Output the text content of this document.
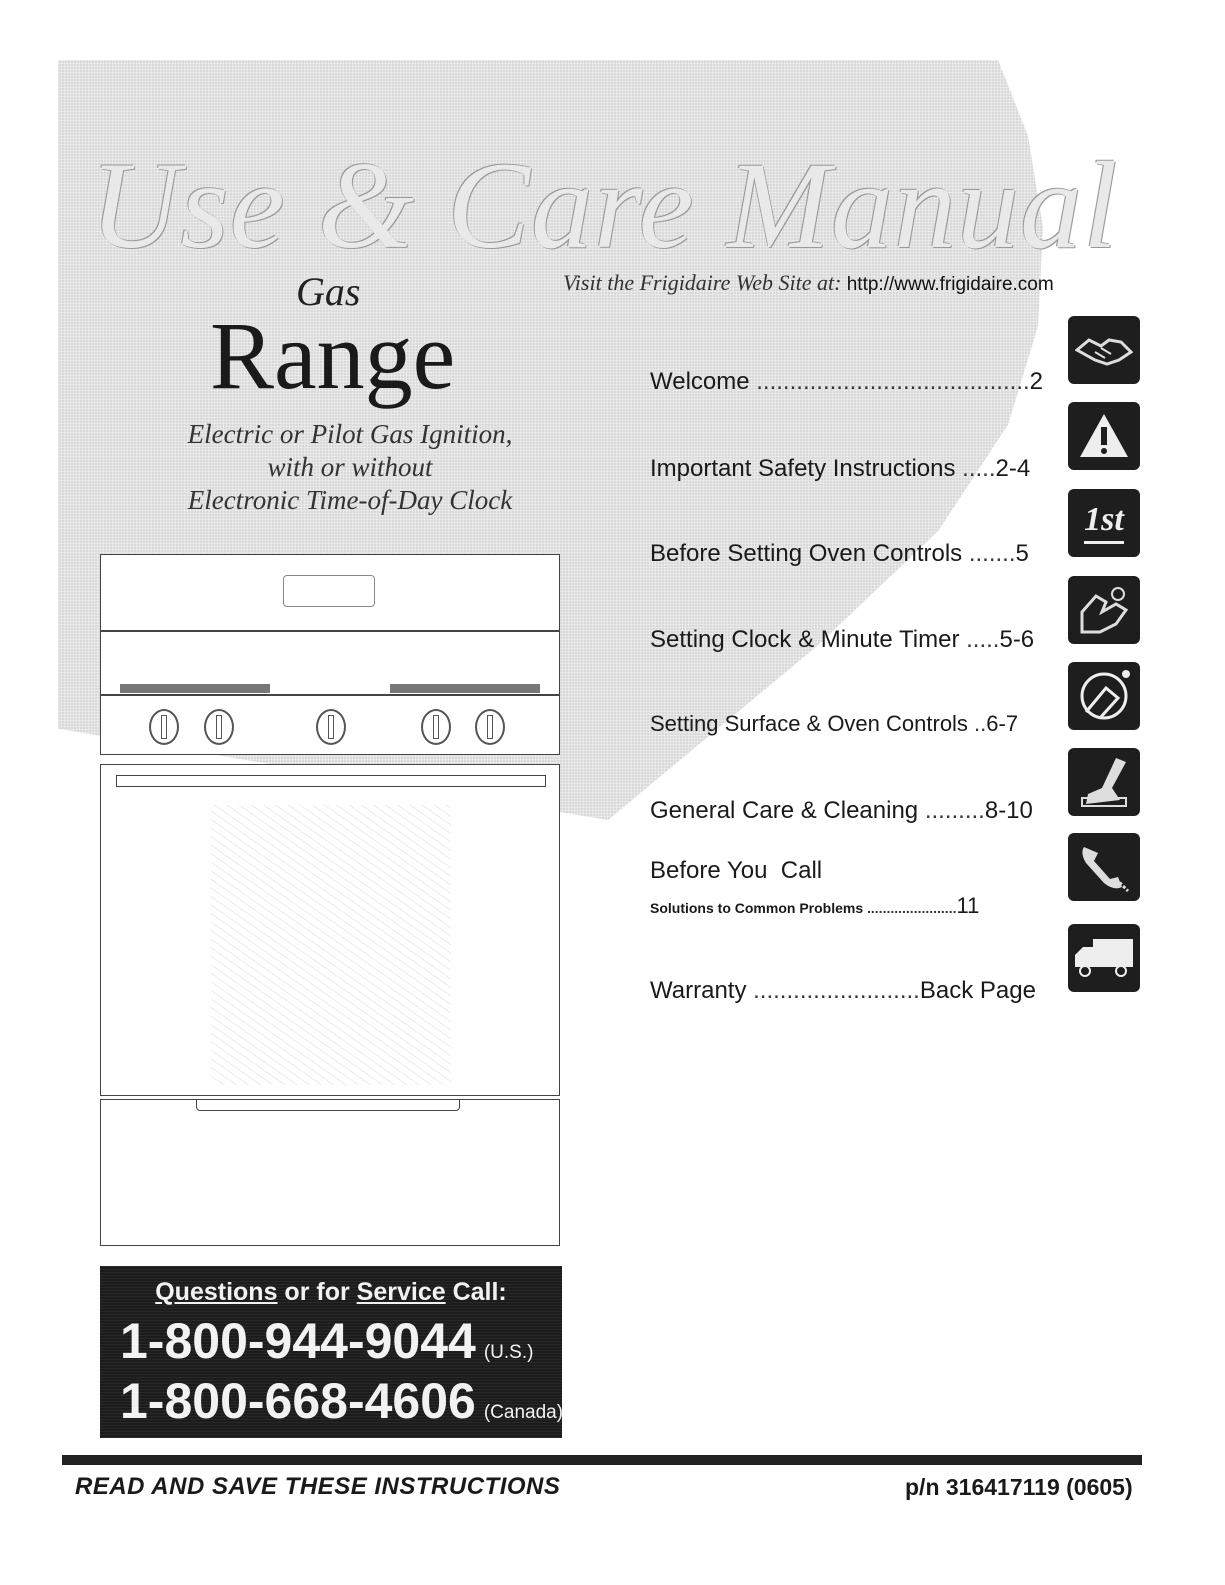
Use & Care Manual
Visit the Frigidaire Web Site at: http://www.frigidaire.com
Gas
Range
Electric or Pilot Gas Ignition,
with or without
Electronic Time-of-Day Clock
Questions or for Service Call:
1-800-944-9044 (U.S.)
1-800-668-4606 (Canada)
Welcome .........................................2
Important Safety Instructions .....2-4
Before Setting Oven Controls .......5
Setting Clock & Minute Timer .....5-6
Setting Surface & Oven Controls ..6-7
General Care & Cleaning .........8-10
Before You  Call
Solutions to Common Problems .......................11
Warranty .........................Back Page
1st
READ AND SAVE THESE INSTRUCTIONS	p/n 316417119 (0605)
